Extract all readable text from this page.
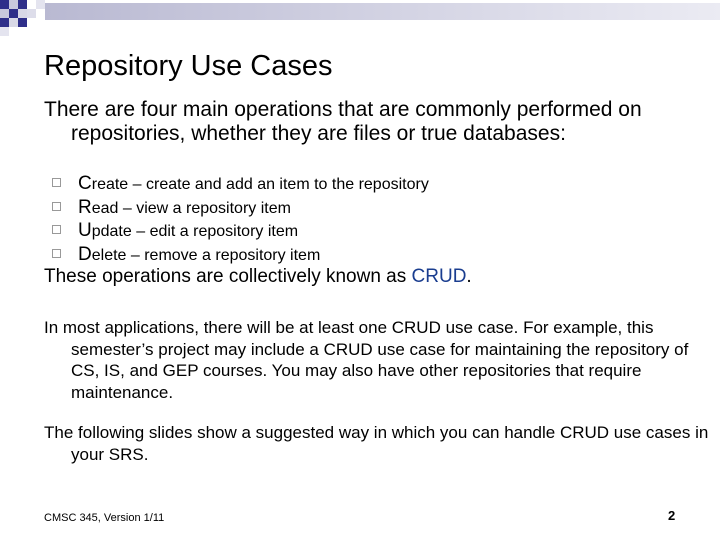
Repository Use Cases

There are four main operations that are commonly performed on repositories, whether they are files or true databases:

Create – create and add an item to the repository
Read – view a repository item
Update – edit a repository item
Delete – remove a repository item

These operations are collectively known as CRUD.

In most applications, there will be at least one CRUD use case. For example, this semester’s project may include a CRUD use case for maintaining the repository of CS, IS, and GEP courses. You may also have other repositories that require maintenance.

The following slides show a suggested way in which you can handle CRUD use cases in your SRS.

CMSC 345, Version 1/11	2
